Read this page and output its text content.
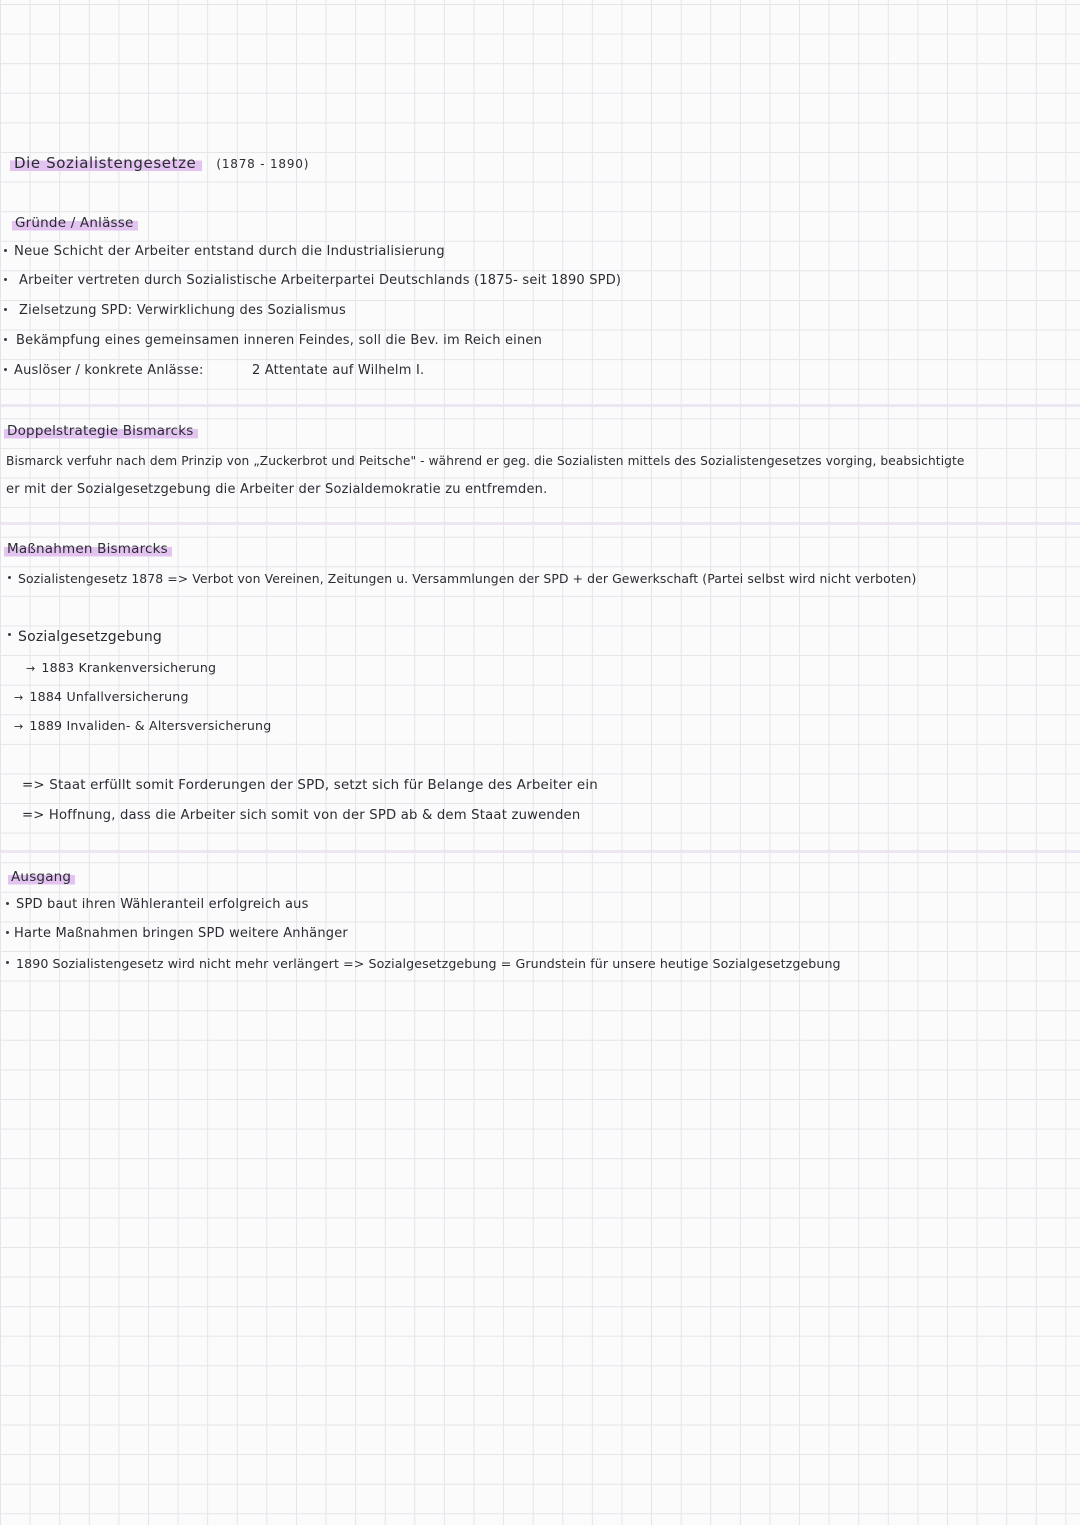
Die Sozialistengesetze (1878 - 1890)
Gründe / Anlässe
Neue Schicht der Arbeiter entstand durch die Industrialisierung
Arbeiter vertreten durch Sozialistische Arbeiterpartei Deutschlands (1875- seit 1890 SPD)
Zielsetzung SPD: Verwirklichung des Sozialismus
Bekämpfung eines gemeinsamen inneren Feindes, soll die Bev. im Reich einen
Auslöser / konkrete Anlässe:	2 Attentate auf Wilhelm I.
Doppelstrategie Bismarcks
Bismarck verfuhr nach dem Prinzip von „Zuckerbrot und Peitsche" - während er geg. die Sozialisten mittels des Sozialistengesetzes vorging, beabsichtigte
er mit der Sozialgesetzgebung die Arbeiter der Sozialdemokratie zu entfremden.
Maßnahmen Bismarcks
Sozialistengesetz 1878 => Verbot von Vereinen, Zeitungen u. Versammlungen der SPD + der Gewerkschaft (Partei selbst wird nicht verboten)
Sozialgesetzgebung
→ 1883 Krankenversicherung
→ 1884 Unfallversicherung
→ 1889 Invaliden- & Altersversicherung
=> Staat erfüllt somit Forderungen der SPD, setzt sich für Belange des Arbeiter ein
=> Hoffnung, dass die Arbeiter sich somit von der SPD ab & dem Staat zuwenden
Ausgang
SPD baut ihren Wähleranteil erfolgreich aus
Harte Maßnahmen bringen SPD weitere Anhänger
1890 Sozialistengesetz wird nicht mehr verlängert => Sozialgesetzgebung = Grundstein für unsere heutige Sozialgesetzgebung
